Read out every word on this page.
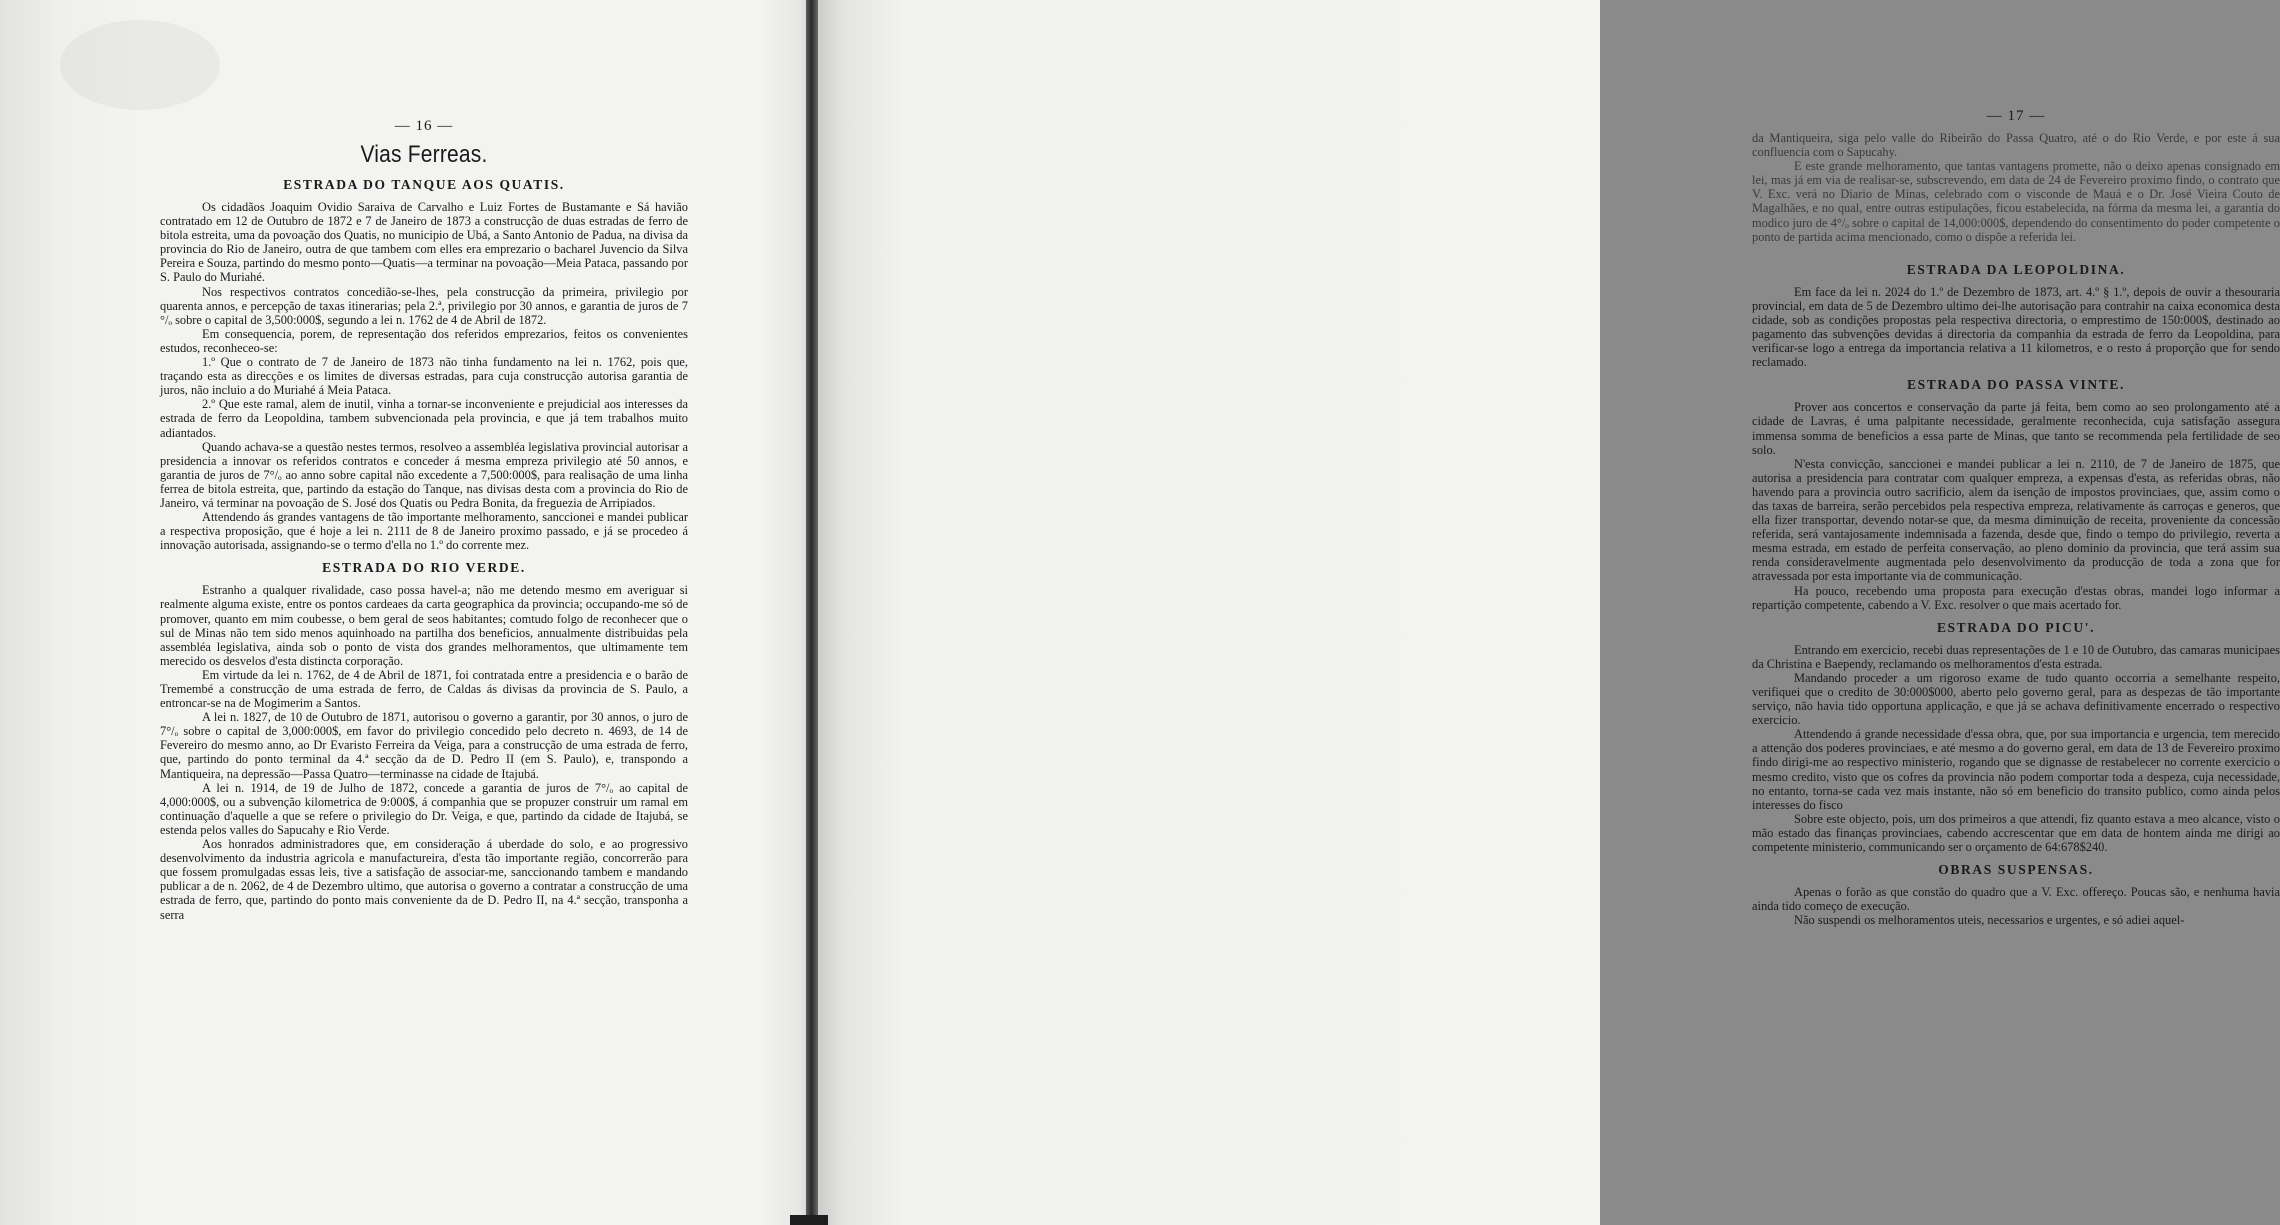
— 16 —
Vias Ferreas.
ESTRADA DO TANQUE AOS QUATIS.

Os cidadãos Joaquim Ovidio Saraiva de Carvalho e Luiz Fortes de Bustamante e Sá havião contratado em 12 de Outubro de 1872 e 7 de Janeiro de 1873 a construcção de duas estradas de ferro de bitola estreita, uma da povoação dos Quatis, no municipio de Ubá, a Santo Antonio de Padua, na divisa da provincia do Rio de Janeiro, outra de que tambem com elles era emprezario o bacharel Juvencio da Silva Pereira e Souza, partindo do mesmo ponto—Quatis—a terminar na povoação—Meia Pataca, passando por S. Paulo do Muriahé.

Nos respectivos contratos concedião-se-lhes, pela construcção da primeira, privilegio por quarenta annos, e percepção de taxas itinerarias; pela 2.ª, privilegio por 30 annos, e garantia de juros de 7 °/ₒ sobre o capital de 3,500:000$, segundo a lei n. 1762 de 4 de Abril de 1872.

Em consequencia, porem, de representação dos referidos emprezarios, feitos os convenientes estudos, reconheceo-se:

1.º Que o contrato de 7 de Janeiro de 1873 não tinha fundamento na lei n. 1762, pois que, traçando esta as direcções e os limites de diversas estradas, para cuja construcção autorisa garantia de juros, não incluio a do Muriahé á Meia Pataca.

2.º Que este ramal, alem de inutil, vinha a tornar-se inconveniente e prejudicial aos interesses da estrada de ferro da Leopoldina, tambem subvencionada pela provincia, e que já tem trabalhos muito adiantados.

Quando achava-se a questão nestes termos, resolveo a assembléa legislativa provincial autorisar a presidencia a innovar os referidos contratos e conceder á mesma empreza privilegio até 50 annos, e garantia de juros de 7°/ₒ ao anno sobre capital não excedente a 7,500:000$, para realisação de uma linha ferrea de bitola estreita, que, partindo da estação do Tanque, nas divisas desta com a provincia do Rio de Janeiro, vá terminar na povoação de S. José dos Quatis ou Pedra Bonita, da freguezia de Arripiados.

Attendendo ás grandes vantagens de tão importante melhoramento, sanccionei e mandei publicar a respectiva proposição, que é hoje a lei n. 2111 de 8 de Janeiro proximo passado, e já se procedeo á innovação autorisada, assignando-se o termo d'ella no 1.º do corrente mez.

ESTRADA DO RIO VERDE.

Estranho a qualquer rivalidade, caso possa havel-a; não me detendo mesmo em averiguar si realmente alguma existe, entre os pontos cardeaes da carta geographica da provincia; occupando-me só de promover, quanto em mim coubesse, o bem geral de seos habitantes; comtudo folgo de reconhecer que o sul de Minas não tem sido menos aquinhoado na partilha dos beneficios, annualmente distribuidas pela assembléa legislativa, ainda sob o ponto de vista dos grandes melhoramentos, que ultimamente tem merecido os desvelos d'esta distincta corporação.

Em virtude da lei n. 1762, de 4 de Abril de 1871, foi contratada entre a presidencia e o barão de Tremembé a construcção de uma estrada de ferro, de Caldas ás divisas da provincia de S. Paulo, a entroncar-se na de Mogimerim a Santos.

A lei n. 1827, de 10 de Outubro de 1871, autorisou o governo a garantir, por 30 annos, o juro de 7°/ₒ sobre o capital de 3,000:000$, em favor do privilegio concedido pelo decreto n. 4693, de 14 de Fevereiro do mesmo anno, ao Dr Evaristo Ferreira da Veiga, para a construcção de uma estrada de ferro, que, partindo do ponto terminal da 4.ª secção da de D. Pedro II (em S. Paulo), e, transpondo a Mantiqueira, na depressão—Passa Quatro—terminasse na cidade de Itajubá.

A lei n. 1914, de 19 de Julho de 1872, concede a garantia de juros de 7°/ₒ ao capital de 4,000:000$, ou a subvenção kilometrica de 9:000$, á companhia que se propuzer construir um ramal em continuação d'aquelle a que se refere o privilegio do Dr. Veiga, e que, partindo da cidade de Itajubá, se estenda pelos valles do Sapucahy e Rio Verde.

Aos honrados administradores que, em consideração á uberdade do solo, e ao progressivo desenvolvimento da industria agricola e manufactureira, d'esta tão importante região, concorrerão para que fossem promulgadas essas leis, tive a satisfação de associar-me, sanccionando tambem e mandando publicar a de n. 2062, de 4 de Dezembro ultimo, que autorisa o governo a contratar a construcção de uma estrada de ferro, que, partindo do ponto mais conveniente da de D. Pedro II, na 4.ª secção, transponha a serra

— 17 —

da Mantiqueira, siga pelo valle do Ribeirão do Passa Quatro, até o do Rio Verde, e por este á sua confluencia com o Sapucahy.

E este grande melhoramento, que tantas vantagens promette, não o deixo apenas consignado em lei, mas já em via de realisar-se, subscrevendo, em data de 24 de Fevereiro proximo findo, o contrato que V. Exc. verá no Diario de Minas, celebrado com o visconde de Mauá e o Dr. José Vieira Couto de Magalhães, e no qual, entre outras estipulações, ficou estabelecida, na fórma da mesma lei, a garantia do modico juro de 4°/ₒ sobre o capital de 14,000:000$, dependendo do consentimento do poder competente o ponto de partida acima mencionado, como o dispõe a referida lei.

ESTRADA DA LEOPOLDINA.

Em face da lei n. 2024 do 1.º de Dezembro de 1873, art. 4.º § 1.º, depois de ouvir a thesouraria provincial, em data de 5 de Dezembro ultimo dei-lhe autorisação para contrahir na caixa economica desta cidade, sob as condições propostas pela respectiva directoria, o emprestimo de 150:000$, destinado ao pagamento das subvenções devidas á directoria da companhia da estrada de ferro da Leopoldina, para verificar-se logo a entrega da importancia relativa a 11 kilometros, e o resto á proporção que for sendo reclamado.

ESTRADA DO PASSA VINTE.

Prover aos concertos e conservação da parte já feita, bem como ao seo prolongamento até a cidade de Lavras, é uma palpitante necessidade, geralmente reconhecida, cuja satisfação assegura immensa somma de beneficios a essa parte de Minas, que tanto se recommenda pela fertilidade de seo solo.

N'esta convicção, sanccionei e mandei publicar a lei n. 2110, de 7 de Janeiro de 1875, que autorisa a presidencia para contratar com qualquer empreza, a expensas d'esta, as referidas obras, não havendo para a provincia outro sacrificio, alem da isenção de impostos provinciaes, que, assim como o das taxas de barreira, serão percebidos pela respectiva empreza, relativamente ás carroças e generos, que ella fizer transportar, devendo notar-se que, da mesma diminuição de receita, proveniente da concessão referida, será vantajosamente indemnisada a fazenda, desde que, findo o tempo do privilegio, reverta a mesma estrada, em estado de perfeita conservação, ao pleno dominio da provincia, que terá assim sua renda consideravelmente augmentada pelo desenvolvimento da producção de toda a zona que for atravessada por esta importante via de communicação.

Ha pouco, recebendo uma proposta para execução d'estas obras, mandei logo informar a repartição competente, cabendo a V. Exc. resolver o que mais acertado for.

ESTRADA DO PICU'.

Entrando em exercicio, recebi duas representações de 1 e 10 de Outubro, das camaras municipaes da Christina e Baependy, reclamando os melhoramentos d'esta estrada.

Mandando proceder a um rigoroso exame de tudo quanto occorria a semelhante respeito, verifiquei que o credito de 30:000$000, aberto pelo governo geral, para as despezas de tão importante serviço, não havia tido opportuna applicação, e que já se achava definitivamente encerrado o respectivo exercicio.

Attendendo á grande necessidade d'essa obra, que, por sua importancia e urgencia, tem merecido a attenção dos poderes provinciaes, e até mesmo a do governo geral, em data de 13 de Fevereiro proximo findo dirigi-me ao respectivo ministerio, rogando que se dignasse de restabelecer no corrente exercicio o mesmo credito, visto que os cofres da provincia não podem comportar toda a despeza, cuja necessidade, no entanto, torna-se cada vez mais instante, não só em beneficio do transito publico, como ainda pelos interesses do fisco

Sobre este objecto, pois, um dos primeiros a que attendi, fiz quanto estava a meo alcance, visto o mão estado das finanças provinciaes, cabendo accrescentar que em data de hontem ainda me dirigi ao competente ministerio, communicando ser o orçamento de 64:678$240.

OBRAS SUSPENSAS.

Apenas o forão as que constão do quadro que a V. Exc. offereço. Poucas são, e nenhuma havia ainda tido começo de execução.

Não suspendi os melhoramentos uteis, necessarios e urgentes, e só adiei aquel-
